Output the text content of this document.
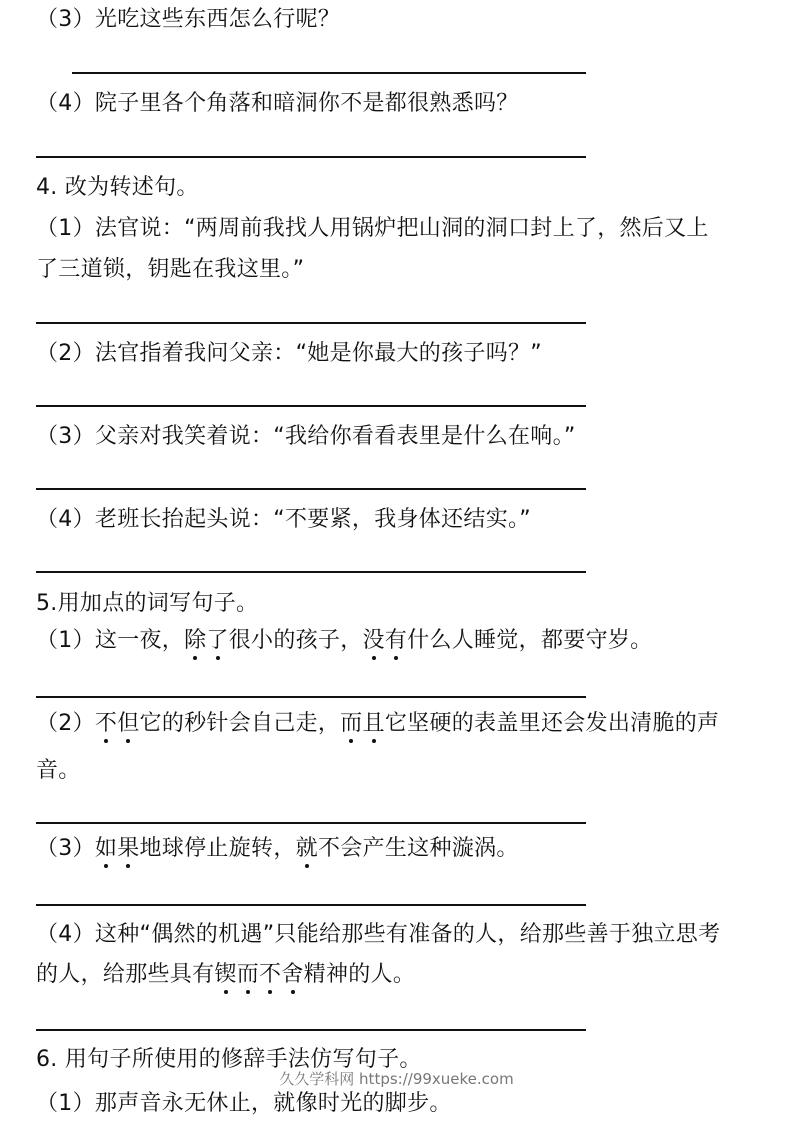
（3）光吃这些东西怎么行呢？
（4）院子里各个角落和暗洞你不是都很熟悉吗？
4. 改为转述句。
（1）法官说：“两周前我找人用锅炉把山洞的洞口封上了，然后又上
了三道锁，钥匙在我这里。”
（2）法官指着我问父亲：“她是你最大的孩子吗？”
（3）父亲对我笑着说：“我给你看看表里是什么在响。”
（4）老班长抬起头说：“不要紧，我身体还结实。”
5.用加点的词写句子。
（1）这一夜，除了很小的孩子，没有什么人睡觉，都要守岁。
（2）不但它的秒针会自己走，而且它坚硬的表盖里还会发出清脆的声
音。
（3）如果地球停止旋转，就不会产生这种漩涡。
（4）这种“偶然的机遇”只能给那些有准备的人，给那些善于独立思考
的人，给那些具有锲而不舍精神的人。
6. 用句子所使用的修辞手法仿写句子。
（1）那声音永无休止，就像时光的脚步。
久久学科网 https://99xueke.com
